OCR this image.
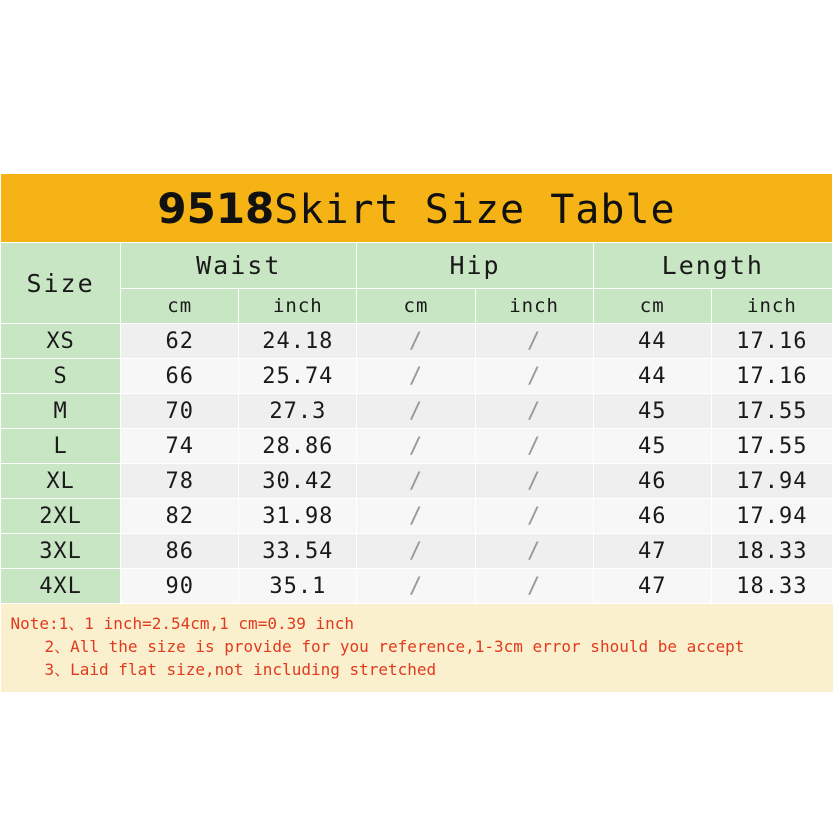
9518Skirt Size Table						
Size	Waist		Hip		Length	
	cm	inch	cm	inch	cm	inch
XS	62	24.18	/	/	44	17.16
S	66	25.74	/	/	44	17.16
M	70	27.3	/	/	45	17.55
L	74	28.86	/	/	45	17.55
XL	78	30.42	/	/	46	17.94
2XL	82	31.98	/	/	46	17.94
3XL	86	33.54	/	/	47	18.33
4XL	90	35.1	/	/	47	18.33

Note:1、1 inch=2.54cm,1 cm=0.39 inch
2、All the size is provide for you reference,1-3cm error should be accept
3、Laid flat size,not including stretched						
